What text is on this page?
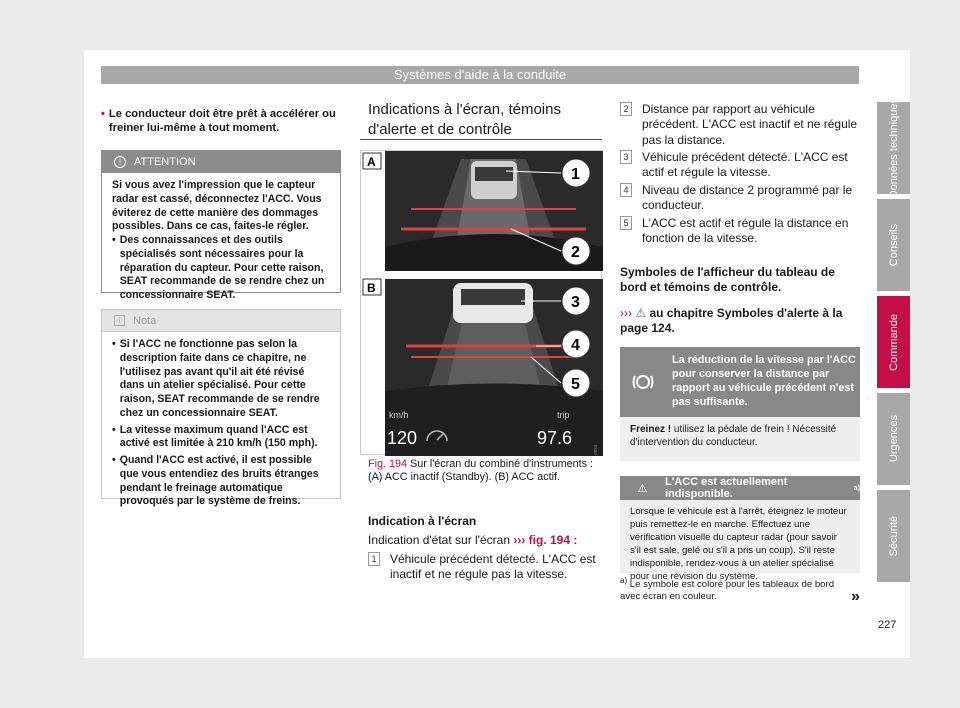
Systèmes d'aide à la conduite
• Le conducteur doit être prêt à accélérer ou freiner lui-même à tout moment.
!	ATTENTION

Si vous avez l'impression que le capteur radar est cassé, déconnectez l'ACC. Vous éviterez de cette manière des dommages possibles. Dans ce cas, faites-le régler.

• Des connaissances et des outils spécialisés sont nécessaires pour la réparation du capteur. Pour cette raison, SEAT recommande de se rendre chez un concessionnaire SEAT.
i	Nota
• Si l'ACC ne fonctionne pas selon la description faite dans ce chapitre, ne l'utilisez pas avant qu'il ait été révisé dans un atelier spécialisé. Pour cette raison, SEAT recommande de se rendre chez un concessionnaire SEAT.
• La vitesse maximum quand l'ACC est activé est limitée à 210 km/h (150 mph).
• Quand l'ACC est activé, il est possible que vous entendiez des bruits étranges pendant le freinage automatique provoqués par le système de freins.
Indications à l'écran, témoins d'alerte et de contrôle
km/h
120
trip
97.6
B5R-0054
A
B
1
2
3
4
5
Fig. 194 Sur l'écran du combiné d'instruments : (A) ACC inactif (Standby). (B) ACC actif.
Indication à l'écran
Indication d'état sur l'écran ››› fig. 194 :
1 Véhicule précédent détecté. L'ACC est inactif et ne régule pas la vitesse.
2 Distance par rapport au véhicule précédent. L'ACC est inactif et ne régule pas la distance.
3 Véhicule précédent détecté. L'ACC est actif et régule la vitesse.
4 Niveau de distance 2 programmé par le conducteur.
5 L'ACC est actif et régule la distance en fonction de la vitesse.
Symboles de l'afficheur du tableau de bord et témoins de contrôle.
››› ⚠ au chapitre Symboles d'alerte à la page 124.
La réduction de la vitesse par l'ACC pour conserver la distance par rapport au véhicule précédent n'est pas suffisante.
Freinez ! utilisez la pédale de frein ! Nécessité d'intervention du conducteur.
⚠
L'ACC est actuellement indisponible.	a)
Lorsque le véhicule est à l'arrêt, éteignez le moteur puis remettez-le en marche. Effectuez une vérification visuelle du capteur radar (pour savoir s'il est sale, gelé ou s'il a pris un coup). S'il reste indisponible, rendez-vous à un atelier spécialisé pour une révision du système.
$^{a)}$ Le symbole est coloré pour les tableaux de bord avec écran en couleur.	»
Données techniques
Conseils
Commande
Urgences
Sécurité
227
